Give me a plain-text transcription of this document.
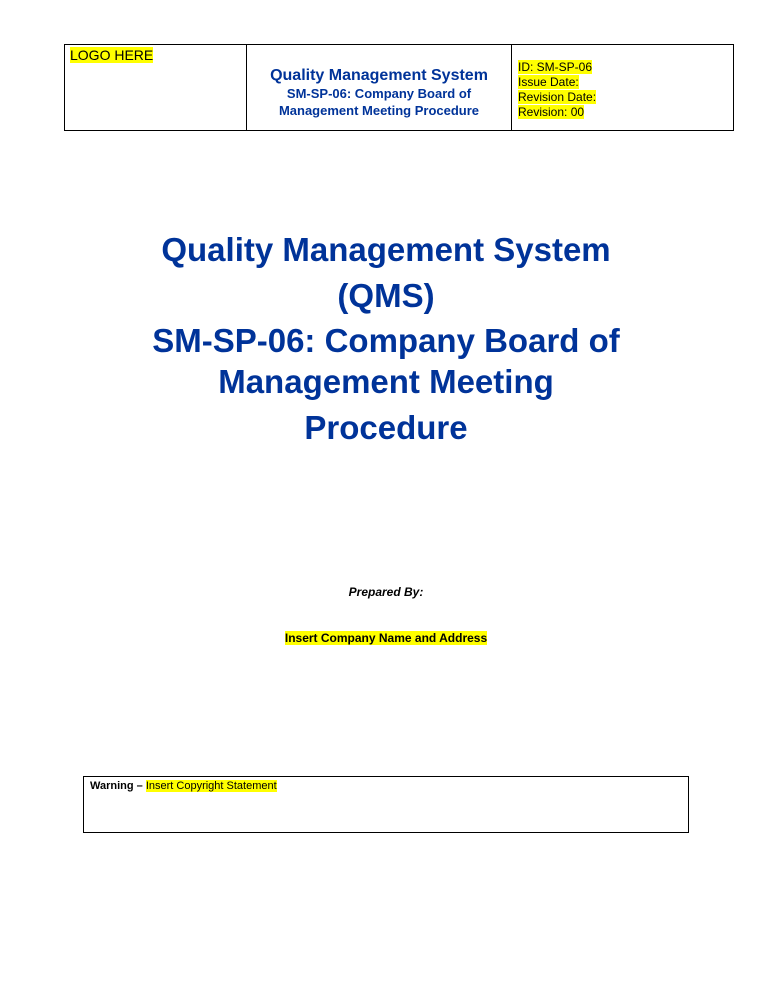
LOGO HERE
Quality Management System
SM-SP-06: Company Board of
Management Meeting Procedure
ID: SM-SP-06
Issue Date:
Revision Date:
Revision: 00
Quality Management System
(QMS)
SM-SP-06: Company Board of
Management Meeting
Procedure
Prepared By:
Insert Company Name and Address
Warning – Insert Copyright Statement
